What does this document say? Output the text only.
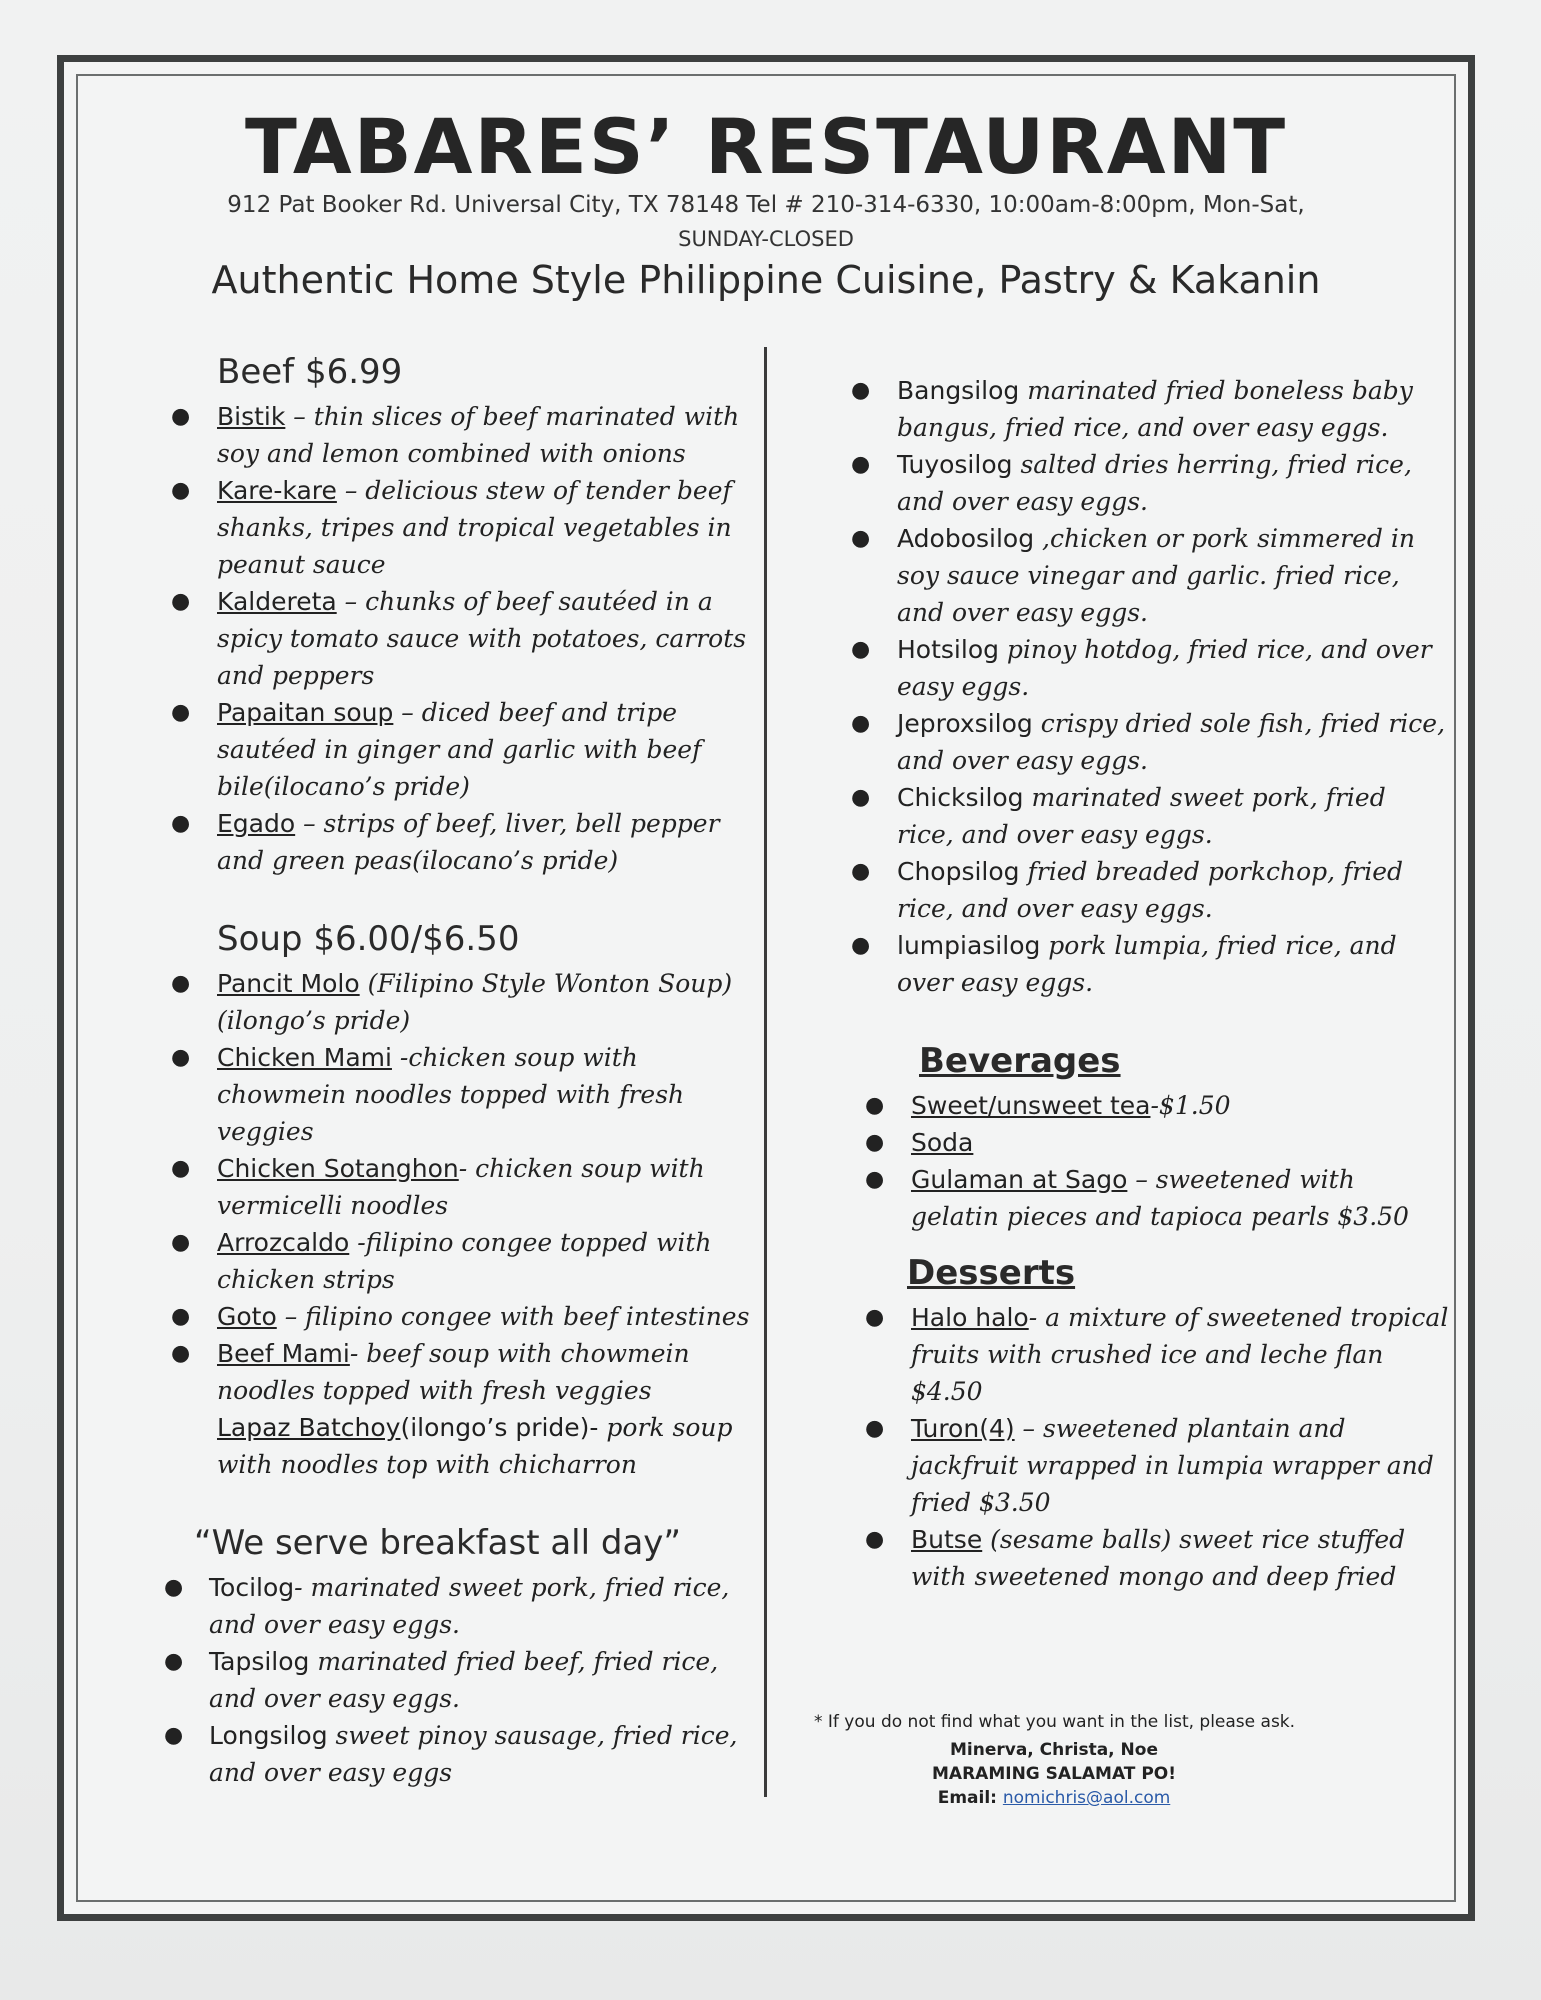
TABARES’ RESTAURANT
912 Pat Booker Rd. Universal City, TX 78148 Tel # 210-314-6330, 10:00am-8:00pm, Mon-Sat,
SUNDAY-CLOSED
Authentic Home Style Philippine Cuisine, Pastry & Kakanin
Beef $6.99
● Bistik – thin slices of beef marinated with soy and lemon combined with onions
● Kare-kare – delicious stew of tender beef shanks, tripes and tropical vegetables in peanut sauce
● Kaldereta – chunks of beef sautéed in a spicy tomato sauce with potatoes, carrots and peppers
● Papaitan soup – diced beef and tripe sautéed in ginger and garlic with beef bile(ilocano’s pride)
● Egado – strips of beef, liver, bell pepper and green peas(ilocano’s pride)
Soup $6.00/$6.50
● Pancit Molo (Filipino Style Wonton Soup)(ilongo’s pride)
● Chicken Mami -chicken soup with chowmein noodles topped with fresh veggies
● Chicken Sotanghon- chicken soup with vermicelli noodles
● Arrozcaldo -filipino congee topped with chicken strips
● Goto – filipino congee with beef intestines
● Beef Mami- beef soup with chowmein noodles topped with fresh veggies
Lapaz Batchoy(ilongo’s pride)- pork soup with noodles top with chicharron
“We serve breakfast all day”
● Tocilog- marinated sweet pork, fried rice, and over easy eggs.
● Tapsilog marinated fried beef, fried rice, and over easy eggs.
● Longsilog sweet pinoy sausage, fried rice, and over easy eggs
● Bangsilog marinated fried boneless baby bangus, fried rice, and over easy eggs.
● Tuyosilog salted dries herring, fried rice, and over easy eggs.
● Adobosilog ,chicken or pork simmered in soy sauce vinegar and garlic. fried rice, and over easy eggs.
● Hotsilog pinoy hotdog, fried rice, and over easy eggs.
● Jeproxsilog crispy dried sole fish, fried rice, and over easy eggs.
● Chicksilog marinated sweet pork, fried rice, and over easy eggs.
● Chopsilog fried breaded porkchop, fried rice, and over easy eggs.
● lumpiasilog pork lumpia, fried rice, and over easy eggs.
Beverages
● Sweet/unsweet tea-$1.50
● Soda
● Gulaman at Sago – sweetened with gelatin pieces and tapioca pearls $3.50
Desserts
● Halo halo- a mixture of sweetened tropical fruits with crushed ice and leche flan $4.50
● Turon(4) – sweetened plantain and jackfruit wrapped in lumpia wrapper and fried $3.50
● Butse (sesame balls) sweet rice stuffed with sweetened mongo and deep fried
* If you do not find what you want in the list, please ask.
Minerva, Christa, Noe
MARAMING SALAMAT PO!
Email: nomichris@aol.com
